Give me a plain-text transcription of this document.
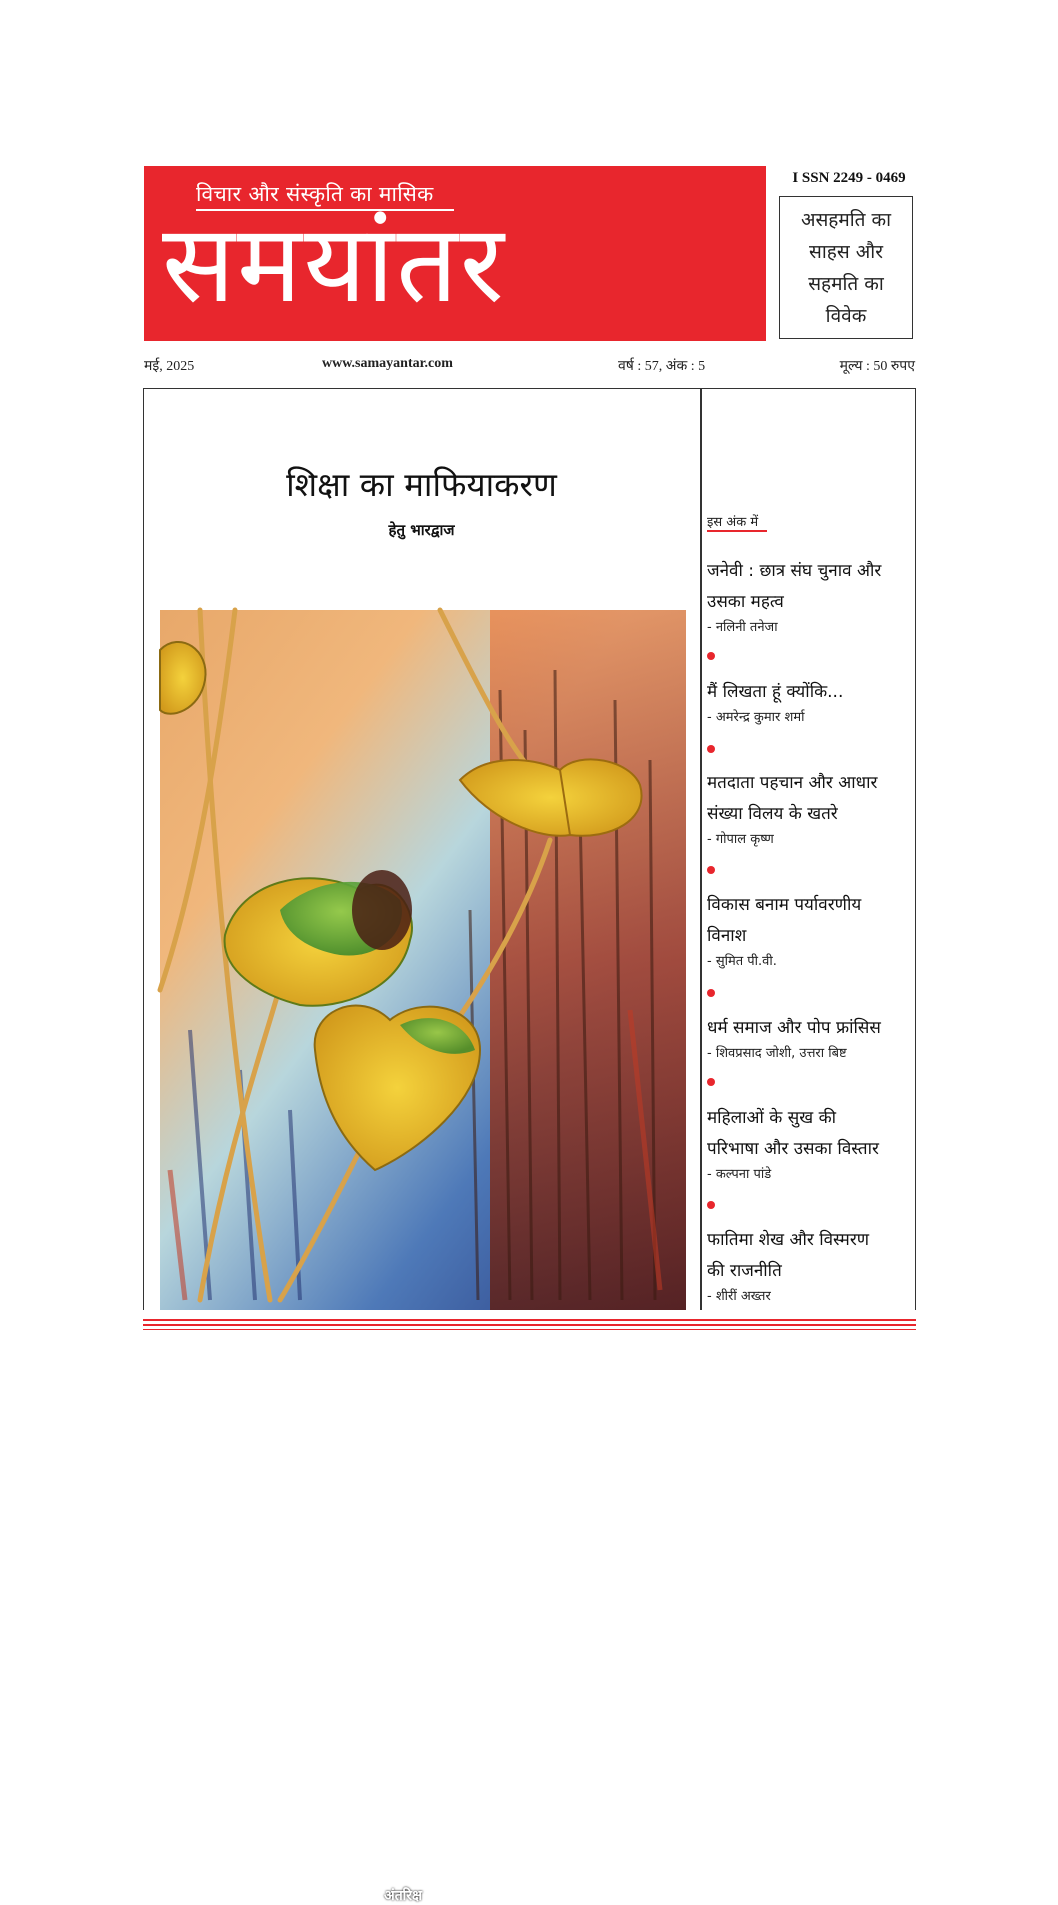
विचार और संस्कृति का मासिक
समयांतर
I SSN 2249 - 0469
असहमति का
साहस और
सहमति का
विवेक
मई, 2025	www.samayantar.com	वर्ष : 57, अंक : 5	मूल्य : 50 रुपए
शिक्षा का माफियाकरण
हेतु भारद्वाज
अंतरिक्ष
इस अंक में
जनेवी : छात्र संघ चुनाव और
उसका महत्व
- नलिनी तनेजा
मैं लिखता हूं क्योंकि...
- अमरेन्द्र कुमार शर्मा
मतदाता पहचान और आधार
संख्या विलय के खतरे
- गोपाल कृष्ण
विकास बनाम पर्यावरणीय
विनाश
- सुमित पी.वी.
धर्म समाज और पोप फ्रांसिस
- शिवप्रसाद जोशी, उत्तरा बिष्ट
महिलाओं के सुख की
परिभाषा और उसका विस्तार
- कल्पना पांडे
फातिमा शेख और विस्मरण
की राजनीति
- शीरीं अख्तर
